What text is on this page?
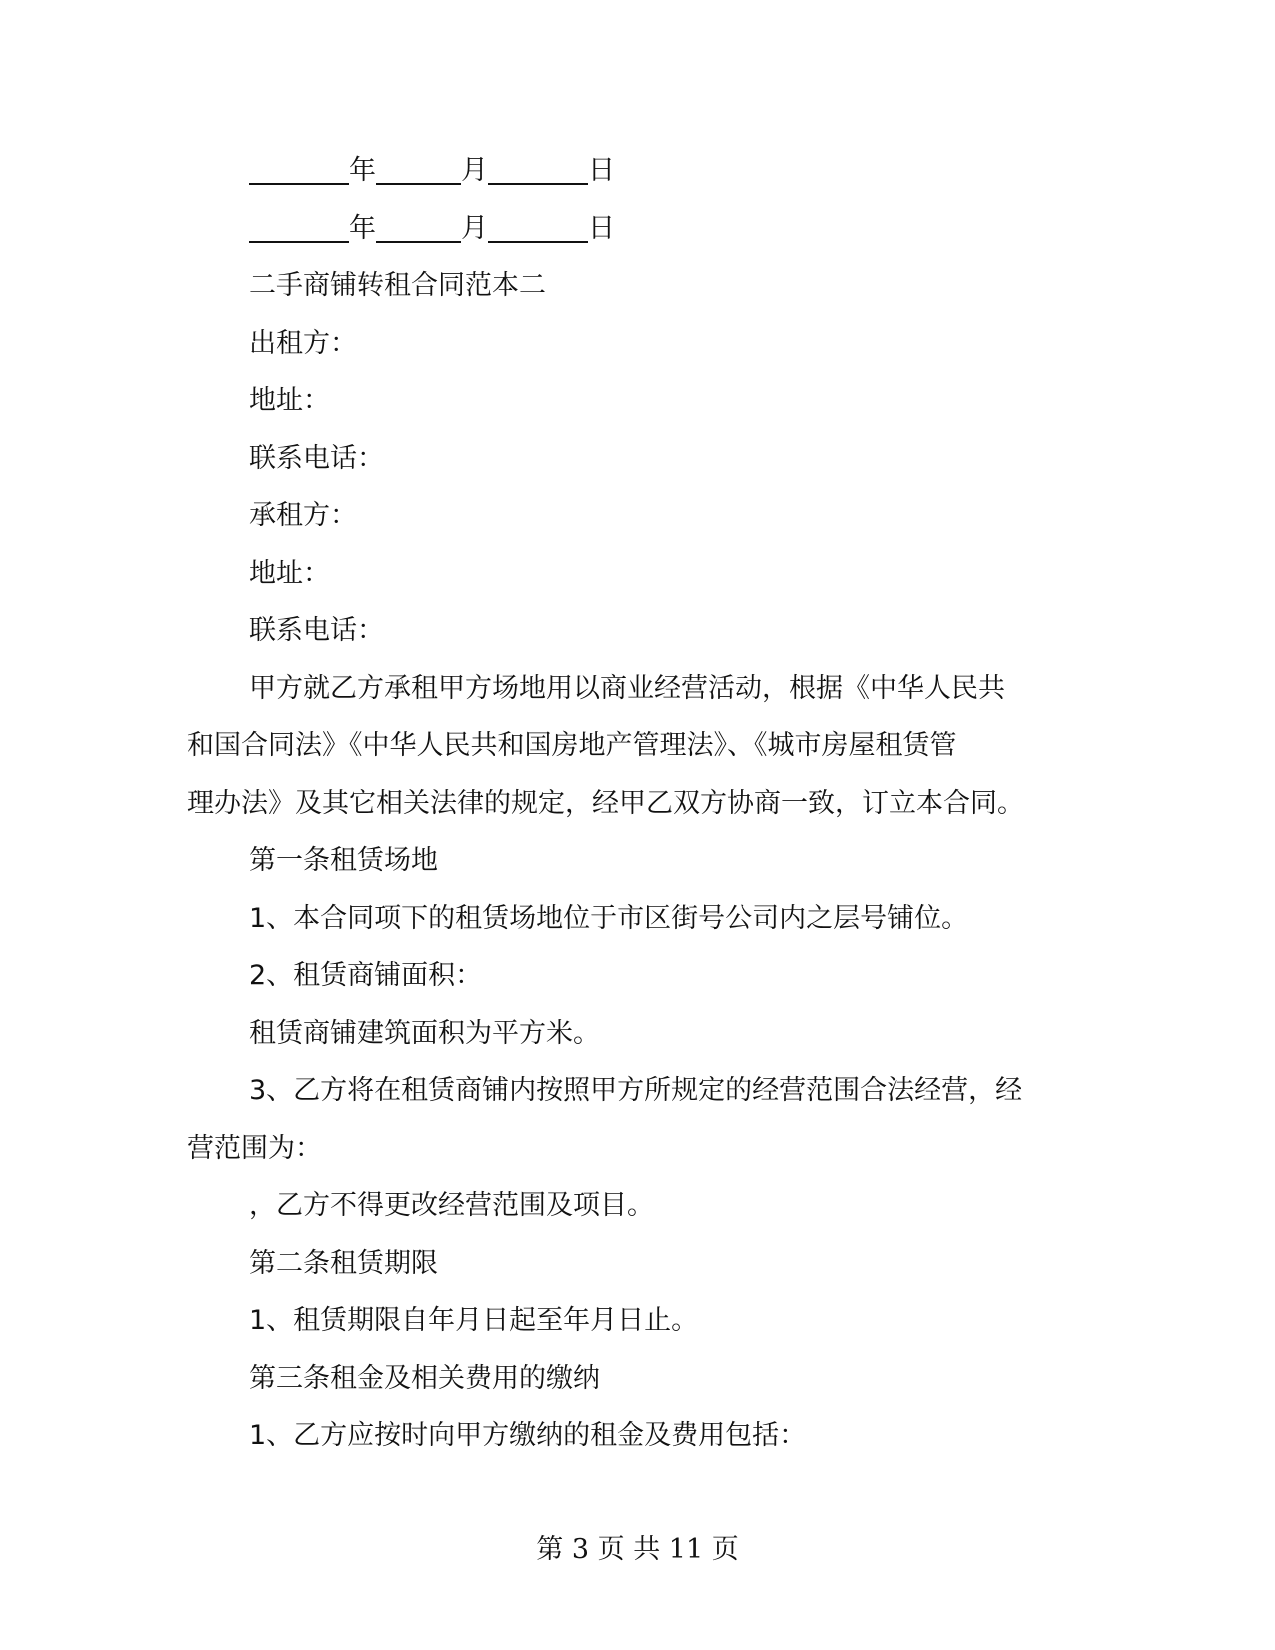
年	月	日
年	月	日
二手商铺转租合同范本二
出租方：
地址：
联系电话：
承租方：
地址：
联系电话：
甲方就乙方承租甲方场地用以商业经营活动，根据《中华人民共
和国合同法》《中华人民共和国房地产管理法》、《城市房屋租赁管
理办法》及其它相关法律的规定，经甲乙双方协商一致，订立本合同。
第一条租赁场地
1、本合同项下的租赁场地位于市区街号公司内之层号铺位。
2、租赁商铺面积：
租赁商铺建筑面积为平方米。
3、乙方将在租赁商铺内按照甲方所规定的经营范围合法经营，经
营范围为：
，乙方不得更改经营范围及项目。
第二条租赁期限
1、租赁期限自年月日起至年月日止。
第三条租金及相关费用的缴纳
1、乙方应按时向甲方缴纳的租金及费用包括：
第 3 页 共 11 页
